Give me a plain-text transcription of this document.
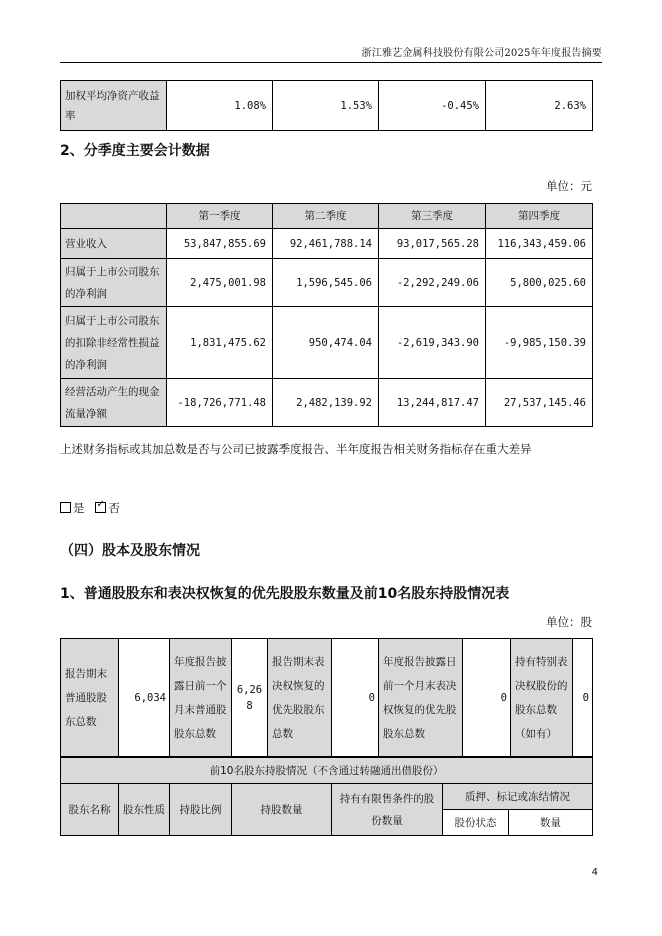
浙江雅艺金属科技股份有限公司2025年年度报告摘要
加权平均净资产收益率	1.08%	1.53%	-0.45%	2.63%
2、分季度主要会计数据
单位：元
	第一季度	第二季度	第三季度	第四季度
营业收入	53,847,855.69	92,461,788.14	93,017,565.28	116,343,459.06
归属于上市公司股东的净利润	2,475,001.98	1,596,545.06	-2,292,249.06	5,800,025.60
归属于上市公司股东的扣除非经常性损益的净利润	1,831,475.62	950,474.04	-2,619,343.90	-9,985,150.39
经营活动产生的现金流量净额	-18,726,771.48	2,482,139.92	13,244,817.47	27,537,145.46
上述财务指标或其加总数是否与公司已披露季度报告、半年度报告相关财务指标存在重大差异
是 ✓ 否
（四）股本及股东情况
1、普通股股东和表决权恢复的优先股股东数量及前10名股东持股情况表
单位：股
报告期末普通股股东总数	6,034	年度报告披露日前一个月末普通股股东总数	6,268	报告期末表决权恢复的优先股股东总数	0	年度报告披露日前一个月末表决权恢复的优先股股东总数	0	持有特别表决权股份的股东总数（如有）	0
前10名股东持股情况（不含通过转融通出借股份）						
股东名称	股东性质	持股比例	持股数量	持有有限售条件的股份数量	质押、标记或冻结情况	
					股份状态	数量
4
